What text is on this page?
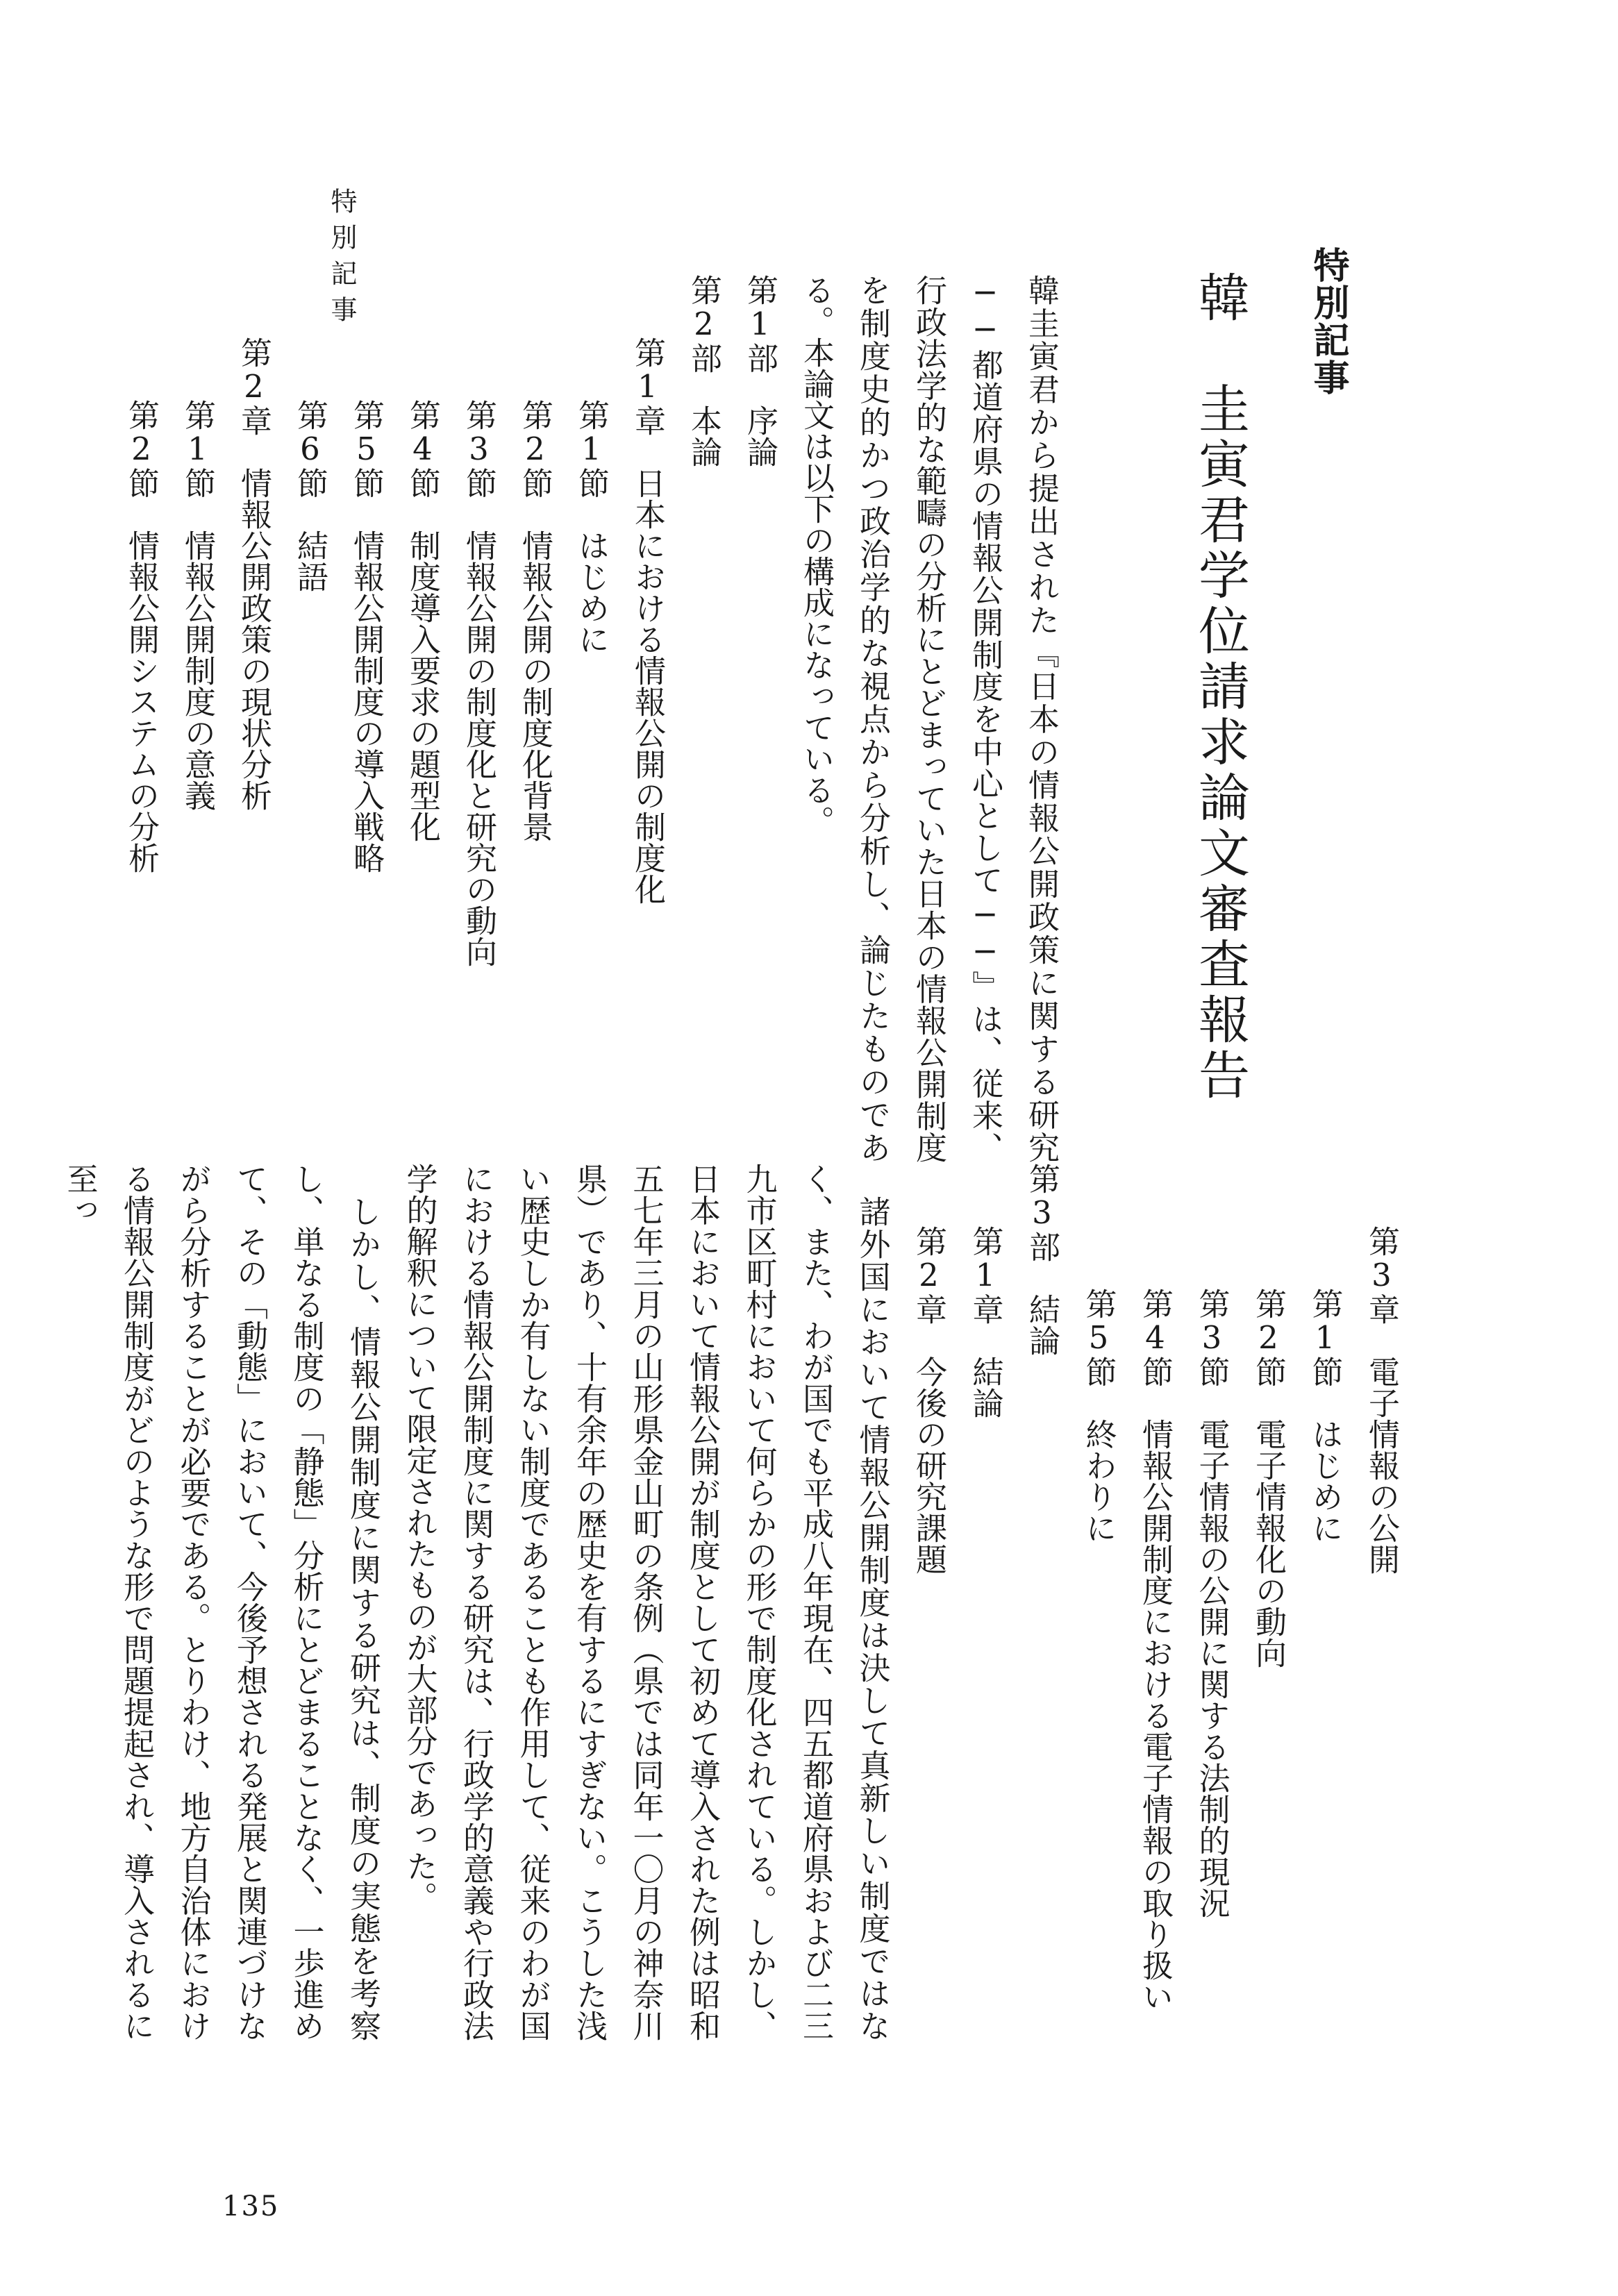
特別記事	特別記事
韓　圭寅君学位請求論文審査報告
韓圭寅君から提出された『日本の情報公開政策に関する研究──都道府県の情報公開制度を中心として──』は、従来、行政法学的な範疇の分析にとどまっていた日本の情報公開制度を制度史的かつ政治学的な視点から分析し、論じたものである。本論文は以下の構成になっている。
第1部　序論
第2部　本論
第1章　日本における情報公開の制度化
第1節　はじめに
第2節　情報公開の制度化背景
第3節　情報公開の制度化と研究の動向
第4節　制度導入要求の題型化
第5節　情報公開制度の導入戦略
第6節　結語
第2章　情報公開政策の現状分析
第1節　情報公開制度の意義
第2節　情報公開システムの分析
第3章　電子情報の公開
第1節　はじめに
第2節　電子情報化の動向
第3節　電子情報の公開に関する法制的現況
第4節　情報公開制度における電子情報の取り扱い
第5節　終わりに
第3部　結論
第1章　結論
第2章　今後の研究課題
　諸外国において情報公開制度は決して真新しい制度ではなく、また、わが国でも平成八年現在、四五都道府県および二三九市区町村において何らかの形で制度化されている。しかし、日本において情報公開が制度として初めて導入された例は昭和五七年三月の山形県金山町の条例（県では同年一〇月の神奈川県）であり、十有余年の歴史を有するにすぎない。こうした浅い歴史しか有しない制度であることも作用して、従来のわが国における情報公開制度に関する研究は、行政学的意義や行政法学的解釈について限定されたものが大部分であった。
　しかし、情報公開制度に関する研究は、制度の実態を考察し、単なる制度の「静態」分析にとどまることなく、一歩進めて、その「動態」において、今後予想される発展と関連づけながら分析することが必要である。とりわけ、地方自治体における情報公開制度がどのような形で問題提起され、導入されるに至っ
135
